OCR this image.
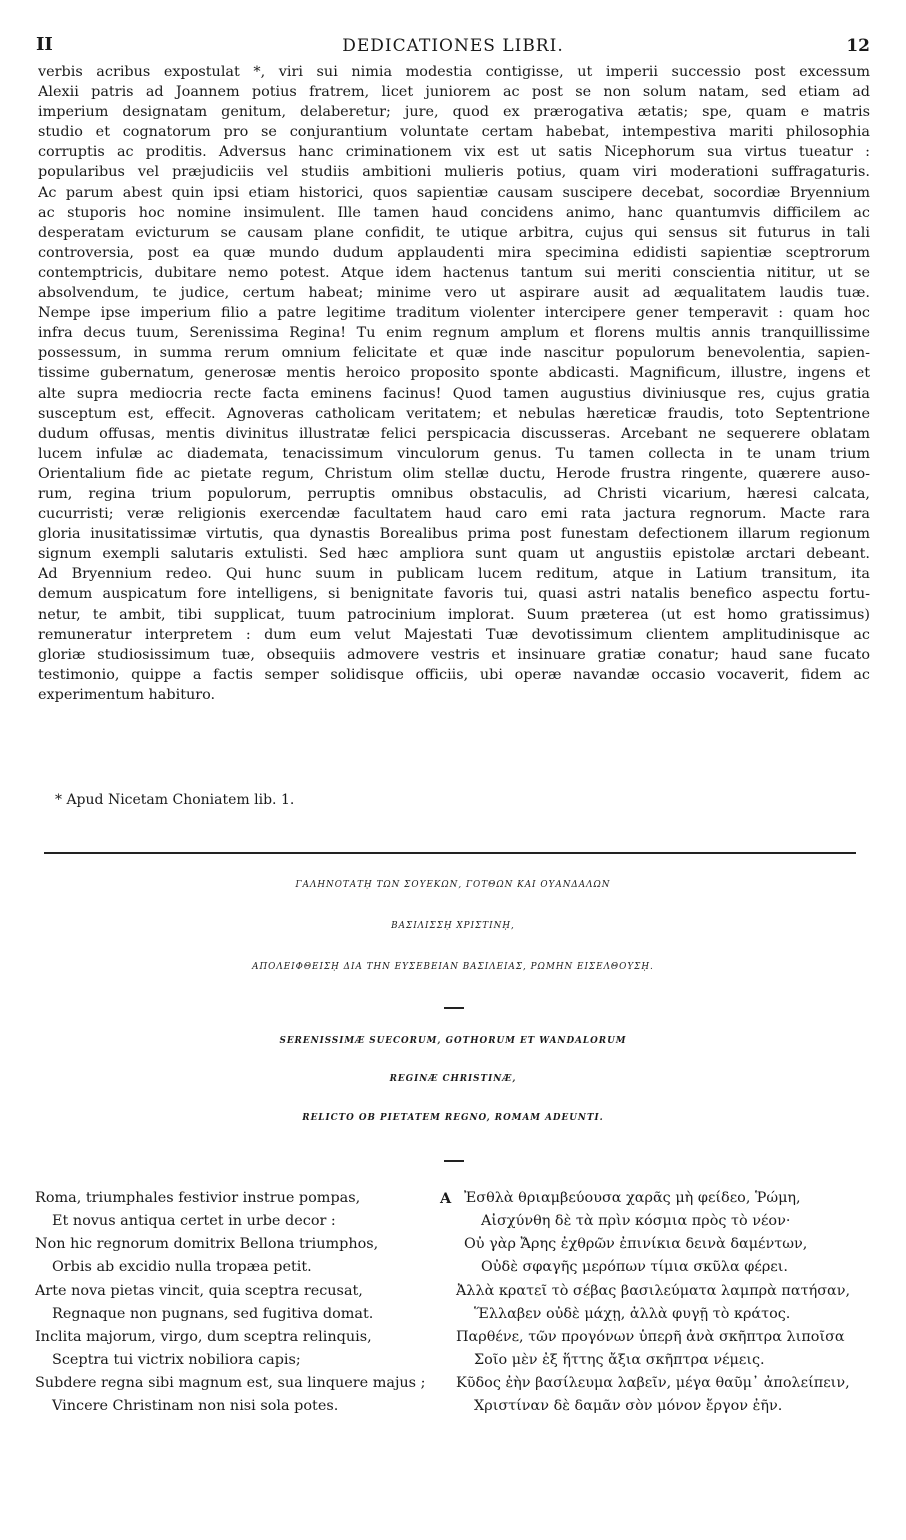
II	DEDICATIONES LIBRI.	12
verbis acribus expostulat *, viri sui nimia modestia contigisse, ut imperii successio post excessum
Alexii patris ad Joannem potius fratrem, licet juniorem ac post se non solum natam, sed etiam ad
imperium designatam genitum, delaberetur; jure, quod ex prærogativa ætatis; spe, quam e matris
studio et cognatorum pro se conjurantium voluntate certam habebat, intempestiva mariti philosophia
corruptis ac proditis. Adversus hanc criminationem vix est ut satis Nicephorum sua virtus tueatur :
popularibus vel præjudiciis vel studiis ambitioni mulieris potius, quam viri moderationi suffragaturis.
Ac parum abest quin ipsi etiam historici, quos sapientiæ causam suscipere decebat, socordiæ Bryennium
ac stuporis hoc nomine insimulent. Ille tamen haud concidens animo, hanc quantumvis difficilem ac
desperatam evicturum se causam plane confidit, te utique arbitra, cujus qui sensus sit futurus in tali
controversia, post ea quæ mundo dudum applaudenti mira specimina edidisti sapientiæ sceptrorum
contemptricis, dubitare nemo potest. Atque idem hactenus tantum sui meriti conscientia nititur, ut se
absolvendum, te judice, certum habeat; minime vero ut aspirare ausit ad æqualitatem laudis tuæ.
Nempe ipse imperium filio a patre legitime traditum violenter intercipere gener temperavit : quam hoc
infra decus tuum, Serenissima Regina! Tu enim regnum amplum et florens multis annis tranquillissime
possessum, in summa rerum omnium felicitate et quæ inde nascitur populorum benevolentia, sapien-
tissime gubernatum, generosæ mentis heroico proposito sponte abdicasti. Magnificum, illustre, ingens et
alte supra mediocria recte facta eminens facinus! Quod tamen augustius diviniusque res, cujus gratia
susceptum est, effecit. Agnoveras catholicam veritatem; et nebulas hæreticæ fraudis, toto Septentrione
dudum offusas, mentis divinitus illustratæ felici perspicacia discusseras. Arcebant ne sequerere oblatam
lucem infulæ ac diademata, tenacissimum vinculorum genus. Tu tamen collecta in te unam trium
Orientalium fide ac pietate regum, Christum olim stellæ ductu, Herode frustra ringente, quærere auso-
rum, regina trium populorum, perruptis omnibus obstaculis, ad Christi vicarium, hæresi calcata,
cucurristi; veræ religionis exercendæ facultatem haud caro emi rata jactura regnorum. Macte rara
gloria inusitatissimæ virtutis, qua dynastis Borealibus prima post funestam defectionem illarum regionum
signum exempli salutaris extulisti. Sed hæc ampliora sunt quam ut angustiis epistolæ arctari debeant.
Ad Bryennium redeo. Qui hunc suum in publicam lucem reditum, atque in Latium transitum, ita
demum auspicatum fore intelligens, si benignitate favoris tui, quasi astri natalis benefico aspectu fortu-
netur, te ambit, tibi supplicat, tuum patrocinium implorat. Suum præterea (ut est homo gratissimus)
remuneratur interpretem : dum eum velut Majestati Tuæ devotissimum clientem amplitudinisque ac
gloriæ studiosissimum tuæ, obsequiis admovere vestris et insinuare gratiæ conatur; haud sane fucato
testimonio, quippe a factis semper solidisque officiis, ubi operæ navandæ occasio vocaverit, fidem ac
experimentum habituro.
* Apud Nicetam Choniatem lib. 1.
ΓΑΛΗΝΟΤΑΤῌ ΤΩΝ ΣΟΥΕΚΩΝ, ΓΟΤΘΩΝ ΚΑΙ ΟΥΑΝΔΑΛΩΝ
ΒΑΣΙΛΙΣΣῌ ΧΡΙΣΤΙΝῌ,
ΑΠΟΛΕΙΦΘΕΙΣῌ ΔΙΑ ΤΗΝ ΕΥΣΕΒΕΙΑΝ ΒΑΣΙΛΕΙΑΣ, ΡΩΜΗΝ ΕΙΣΕΛΘΟΥΣῌ.
SERENISSIMÆ SUECORUM, GOTHORUM ET WANDALORUM
REGINÆ CHRISTINÆ,
RELICTO OB PIETATEM REGNO, ROMAM ADEUNTI.
Roma, triumphales festivior instrue pompas,
Et novus antiqua certet in urbe decor :
Non hic regnorum domitrix Bellona triumphos,
Orbis ab excidio nulla tropæa petit.
Arte nova pietas vincit, quia sceptra recusat,
Regnaque non pugnans, sed fugitiva domat.
Inclita majorum, virgo, dum sceptra relinquis,
Sceptra tui victrix nobiliora capis;
Subdere regna sibi magnum est, sua linquere majus ;
Vincere Christinam non nisi sola potes.
A Ἐσθλὰ θριαμβεύουσα χαρᾶς μὴ φείδεο, Ῥώμη,
Αἰσχύνθη δὲ τὰ πρὶν κόσμια πρὸς τὸ νέον·
Οὐ γὰρ Ἄρης ἐχθρῶν ἐπινίκια δεινὰ δαμέντων,
Οὐδὲ σφαγῆς μερόπων τίμια σκῦλα φέρει.
Ἀλλὰ κρατεῖ τὸ σέβας βασιλεύματα λαμπρὰ πατήσαν,
Ἕλλαβεν οὐδὲ μάχῃ, ἀλλὰ φυγῇ τὸ κράτος.
Παρθένε, τῶν προγόνων ὑπερῆ ἀνὰ σκῆπτρα λιποῖσα
Σοῖο μὲν ἐξ ἥττης ἄξια σκῆπτρα νέμεις.
Κῦδος ἐὴν βασίλευμα λαβεῖν, μέγα θαῦμ᾽ ἀπολείπειν,
Χριστίναν δὲ δαμᾶν σὸν μόνον ἔργον ἐῆν.
